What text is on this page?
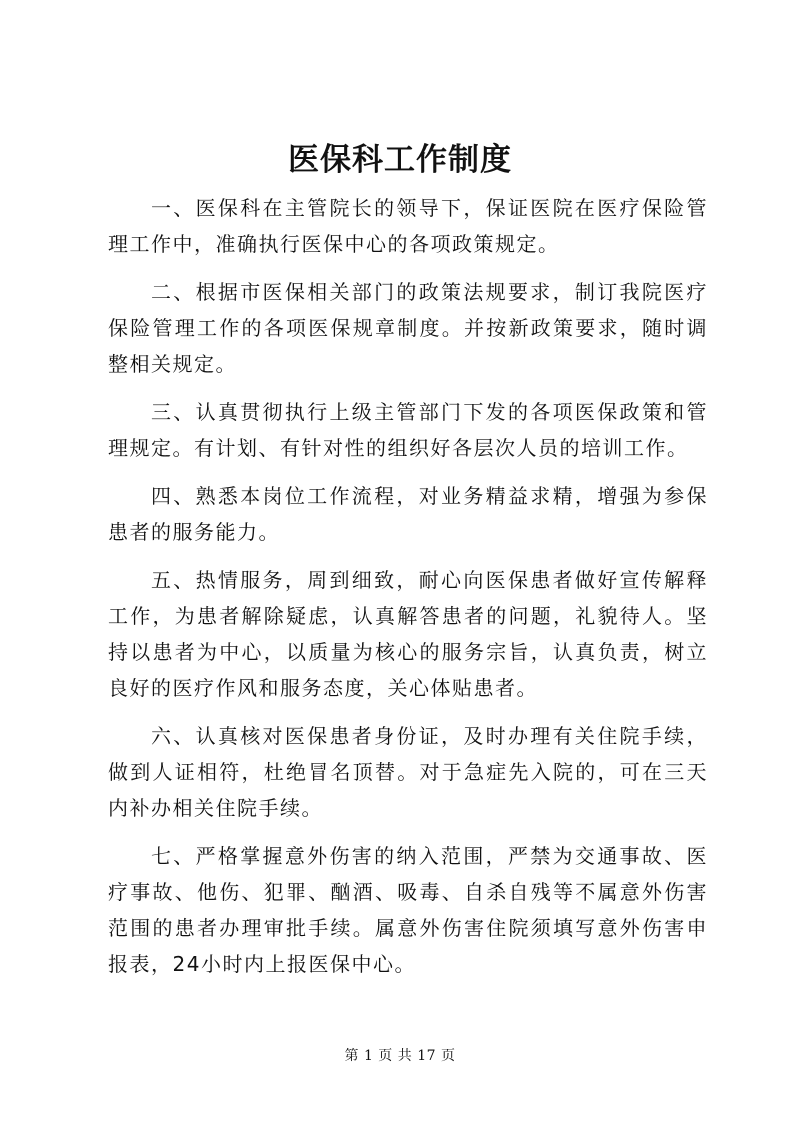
医保科工作制度

一、医保科在主管院长的领导下，保证医院在医疗保险管理工作中，准确执行医保中心的各项政策规定。

二、根据市医保相关部门的政策法规要求，制订我院医疗保险管理工作的各项医保规章制度。并按新政策要求，随时调整相关规定。

三、认真贯彻执行上级主管部门下发的各项医保政策和管理规定。有计划、有针对性的组织好各层次人员的培训工作。

四、熟悉本岗位工作流程，对业务精益求精，增强为参保患者的服务能力。

五、热情服务，周到细致，耐心向医保患者做好宣传解释工作，为患者解除疑虑，认真解答患者的问题，礼貌待人。坚持以患者为中心，以质量为核心的服务宗旨，认真负责，树立良好的医疗作风和服务态度，关心体贴患者。

六、认真核对医保患者身份证，及时办理有关住院手续，做到人证相符，杜绝冒名顶替。对于急症先入院的，可在三天内补办相关住院手续。

七、严格掌握意外伤害的纳入范围，严禁为交通事故、医疗事故、他伤、犯罪、酗酒、吸毒、自杀自残等不属意外伤害范围的患者办理审批手续。属意外伤害住院须填写意外伤害申报表，24小时内上报医保中心。

第 1 页 共 17 页
